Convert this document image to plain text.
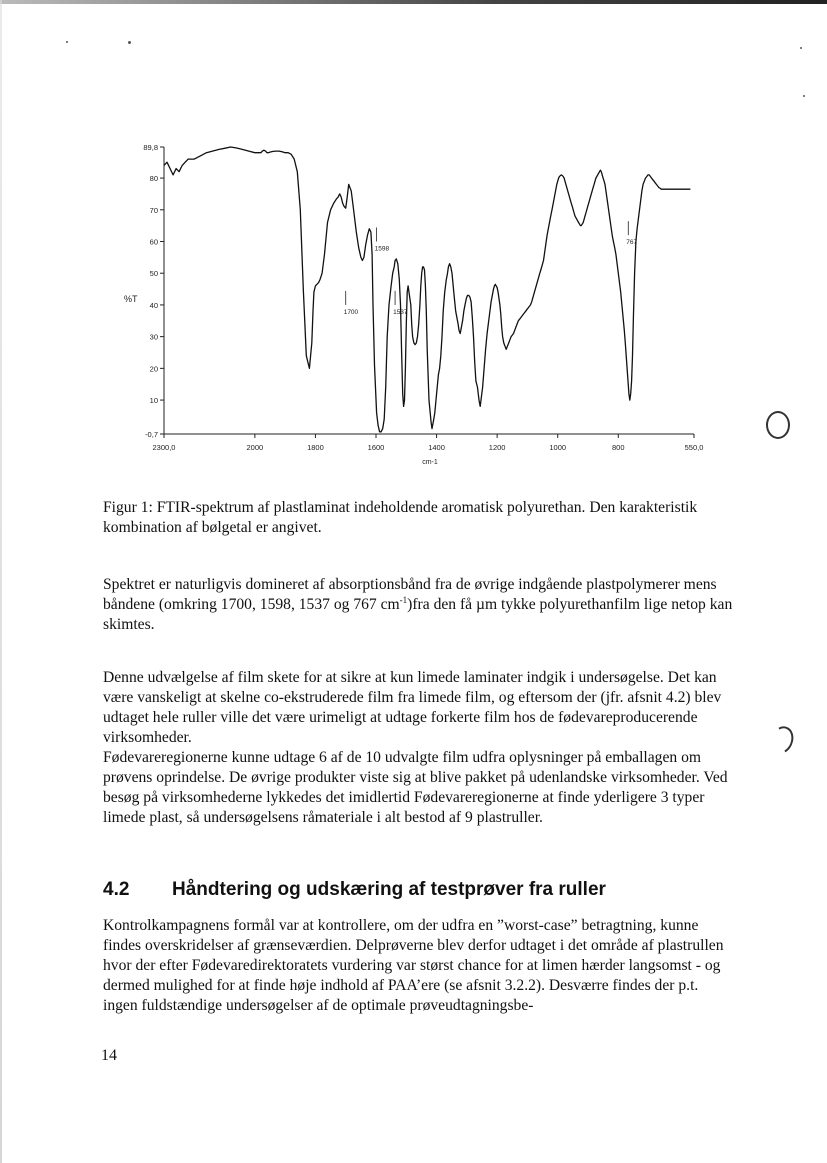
89,8
80
70
60
50
40
30
20
10
-0,7
2300,0	2000	1800	1600	1400	1200	1000	800	550,0
1700
1598
1537
767
%T
cm-1

Figur 1: FTIR-spektrum af plastlaminat indeholdende aromatisk polyurethan. Den karakteristik kombination af bølgetal er angivet.

Spektret er naturligvis domineret af absorptionsbånd fra de øvrige indgående plastpolymerer mens båndene (omkring 1700, 1598, 1537 og 767 $cm^{-1})fra$ den få µm tykke polyurethanfilm lige netop kan skimtes.

Denne udvælgelse af film skete for at sikre at kun limede laminater indgik i undersøgelse. Det kan være vanskeligt at skelne co-ekstruderede film fra limede film, og eftersom der (jfr. afsnit 4.2) blev udtaget hele ruller ville det være urimeligt at udtage forkerte film hos de fødevareproducerende virksomheder.
Fødevareregionerne kunne udtage 6 af de 10 udvalgte film udfra oplysninger på emballagen om prøvens oprindelse. De øvrige produkter viste sig at blive pakket på udenlandske virksomheder. Ved besøg på virksomhederne lykkedes det imidlertid Fødevareregionerne at finde yderligere 3 typer limede plast, så undersøgelsens råmateriale i alt bestod af 9 plastruller.
4.2 Håndtering og udskæring af testprøver fra ruller

Kontrolkampagnens formål var at kontrollere, om der udfra en ”worst-case” betragtning, kunne findes overskridelser af grænseværdien. Delprøverne blev derfor udtaget i det område af plastrullen hvor der efter Fødevaredirektoratets vurdering var størst chance for at limen hærder langsomst - og dermed mulighed for at finde høje indhold af PAA’ere (se afsnit 3.2.2). Desværre findes der p.t. ingen fuldstændige undersøgelser af de optimale prøveudtagningsbe-

14
